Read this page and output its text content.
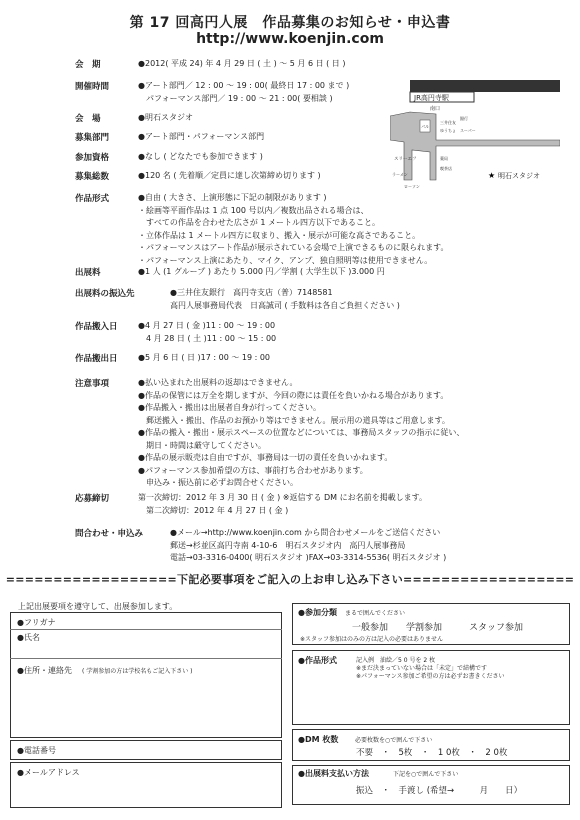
第 17 回高円人展　作品募集のお知らせ・申込書
http://www.koenjin.com
会　期	●2012( 平成 24) 年 4 月 29 日 ( 土 ) 〜 5 月 6 日 ( 日 )
開催時間	●アート部門／ 12 : 00 〜 19 : 00( 最終日 17 : 00 まで )
　パフォーマンス部門／ 19 : 00 〜 21 : 00( 要相談 )
会　場	●明石スタジオ
募集部門	●アート部門・パフォーマンス部門
参加資格	●なし ( どなたでも参加できます )
募集総数	●120 名 ( 先着順／定員に達し次第締め切ります )
作品形式	●自由 ( 大きさ、上演形態に下記の制限があります )
・絵画等平面作品は 1 点 100 号以内／複数出品される場合は、
　すべての作品を合わせた広さが 1 メートル四方以下であること。
・立体作品は 1 メートル四方に収まり、搬入・展示が可能な高さであること。
・パフォーマンスはアート作品が展示されている会場で上演できるものに限られます。
・パフォーマンス上演にあたり、マイク、アンプ、独自照明等は使用できません。
出展料	●1 人 (1 グループ ) あたり 5.000 円／学割 ( 大学生以下 )3.000 円
出展料の振込先 　　　　●三井住友銀行　高円寺支店（普）7148581
　　　　高円人展事務局代表　日高誠司 ( 手数料は各自ご負担ください )
作品搬入日	●4 月 27 日 ( 金 )11 : 00 〜 19 : 00
　4 月 28 日 ( 土 )11 : 00 〜 15 : 00
作品搬出日	●5 月 6 日 ( 日 )17 : 00 〜 19 : 00
注意事項	●払い込まれた出展料の返却はできません。
●作品の保管には万全を期しますが、今回の際には責任を負いかねる場合があります。
●作品搬入・搬出は出展者自身が行ってください。
　郵送搬入・搬出、作品のお預かり等はできません。展示用の道具等はご用意します。
●作品の搬入・搬出・展示スペースの位置などについては、事務局スタッフの指示に従い、
　期日・時間は厳守してください。
●作品の展示販売は自由ですが、事務局は一切の責任を負いかねます。
●パフォーマンス参加希望の方は、事前打ち合わせがあります。
　申込み・振込前に必ずお問合せください。
応募締切	第一次締切：2012 年 3 月 30 日 ( 金 ) ※返信する DM にお名前を掲載します。
　第二次締切：2012 年 4 月 27 日 ( 金 )
問合わせ・申込み
　　　　●メール→http://www.koenjin.com から問合わせメールをご送信ください
　　　　郵送→杉並区高円寺南 4-10-6　明石スタジオ内　高円人展事務局
　　　　電話→03-3316-0400( 明石スタジオ )FAX→03-3314-5536( 明石スタジオ )
JR高円寺駅
南口
パル
三井住友
ゆうちょ
銀行
スーパー
スリーエフ	薬局
喫茶店
ラーメン
ローソン
★ 明石スタジオ
==================下記必要事項をご記入の上お申し込み下さい==================
上記出展要項を遵守して、出展参加します。
●フリガナ
●氏名
●住所・連絡先 ( 学割参加の方は学校名もご記入下さい )
●電話番号
●メールアドレス
●参加分類 まるで囲んでください
一般参加　　学割参加　　　スタッフ参加
※スタッフ参加はのみの方は記入の必要はありません
●作品形式	記入例　油絵／5 0 号を 2 枚
※まだ決まっていない場合は「未定」で結構です
※パフォーマンス参加ご希望の方は必ずお書きください
●DM 枚数	必要枚数を○で囲んで下さい
不要　・　5枚　・　1 0枚　・　2 0枚
●出展料支払い方法	下記を○で囲んで下さい
振込　・　手渡し (希望→　　　月　　日）
